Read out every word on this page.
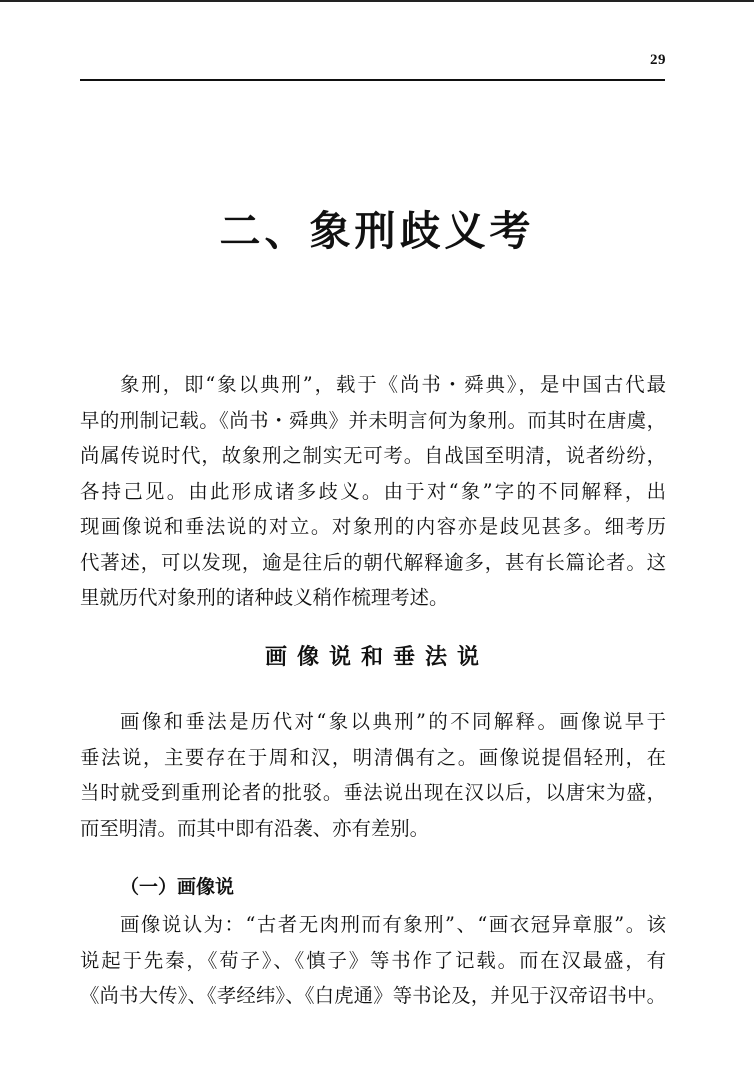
29
二、象刑歧义考
象刑，即“象以典刑”，载于《尚书・舜典》，是中国古代最
早的刑制记载。《尚书・舜典》并未明言何为象刑。而其时在唐虞，
尚属传说时代，故象刑之制实无可考。自战国至明清，说者纷纷，
各持己见。由此形成诸多歧义。由于对“象”字的不同解释，出
现画像说和垂法说的对立。对象刑的内容亦是歧见甚多。细考历
代著述，可以发现，逾是往后的朝代解释逾多，甚有长篇论者。这
里就历代对象刑的诸种歧义稍作梳理考述。
画像说和垂法说
画像和垂法是历代对“象以典刑”的不同解释。画像说早于
垂法说，主要存在于周和汉，明清偶有之。画像说提倡轻刑，在
当时就受到重刑论者的批驳。垂法说出现在汉以后，以唐宋为盛，
而至明清。而其中即有沿袭、亦有差别。
（一）画像说
画像说认为：“古者无肉刑而有象刑”、“画衣冠异章服”。该
说起于先秦，《荀子》、《慎子》等书作了记载。而在汉最盛，有
《尚书大传》、《孝经纬》、《白虎通》等书论及，并见于汉帝诏书中。
